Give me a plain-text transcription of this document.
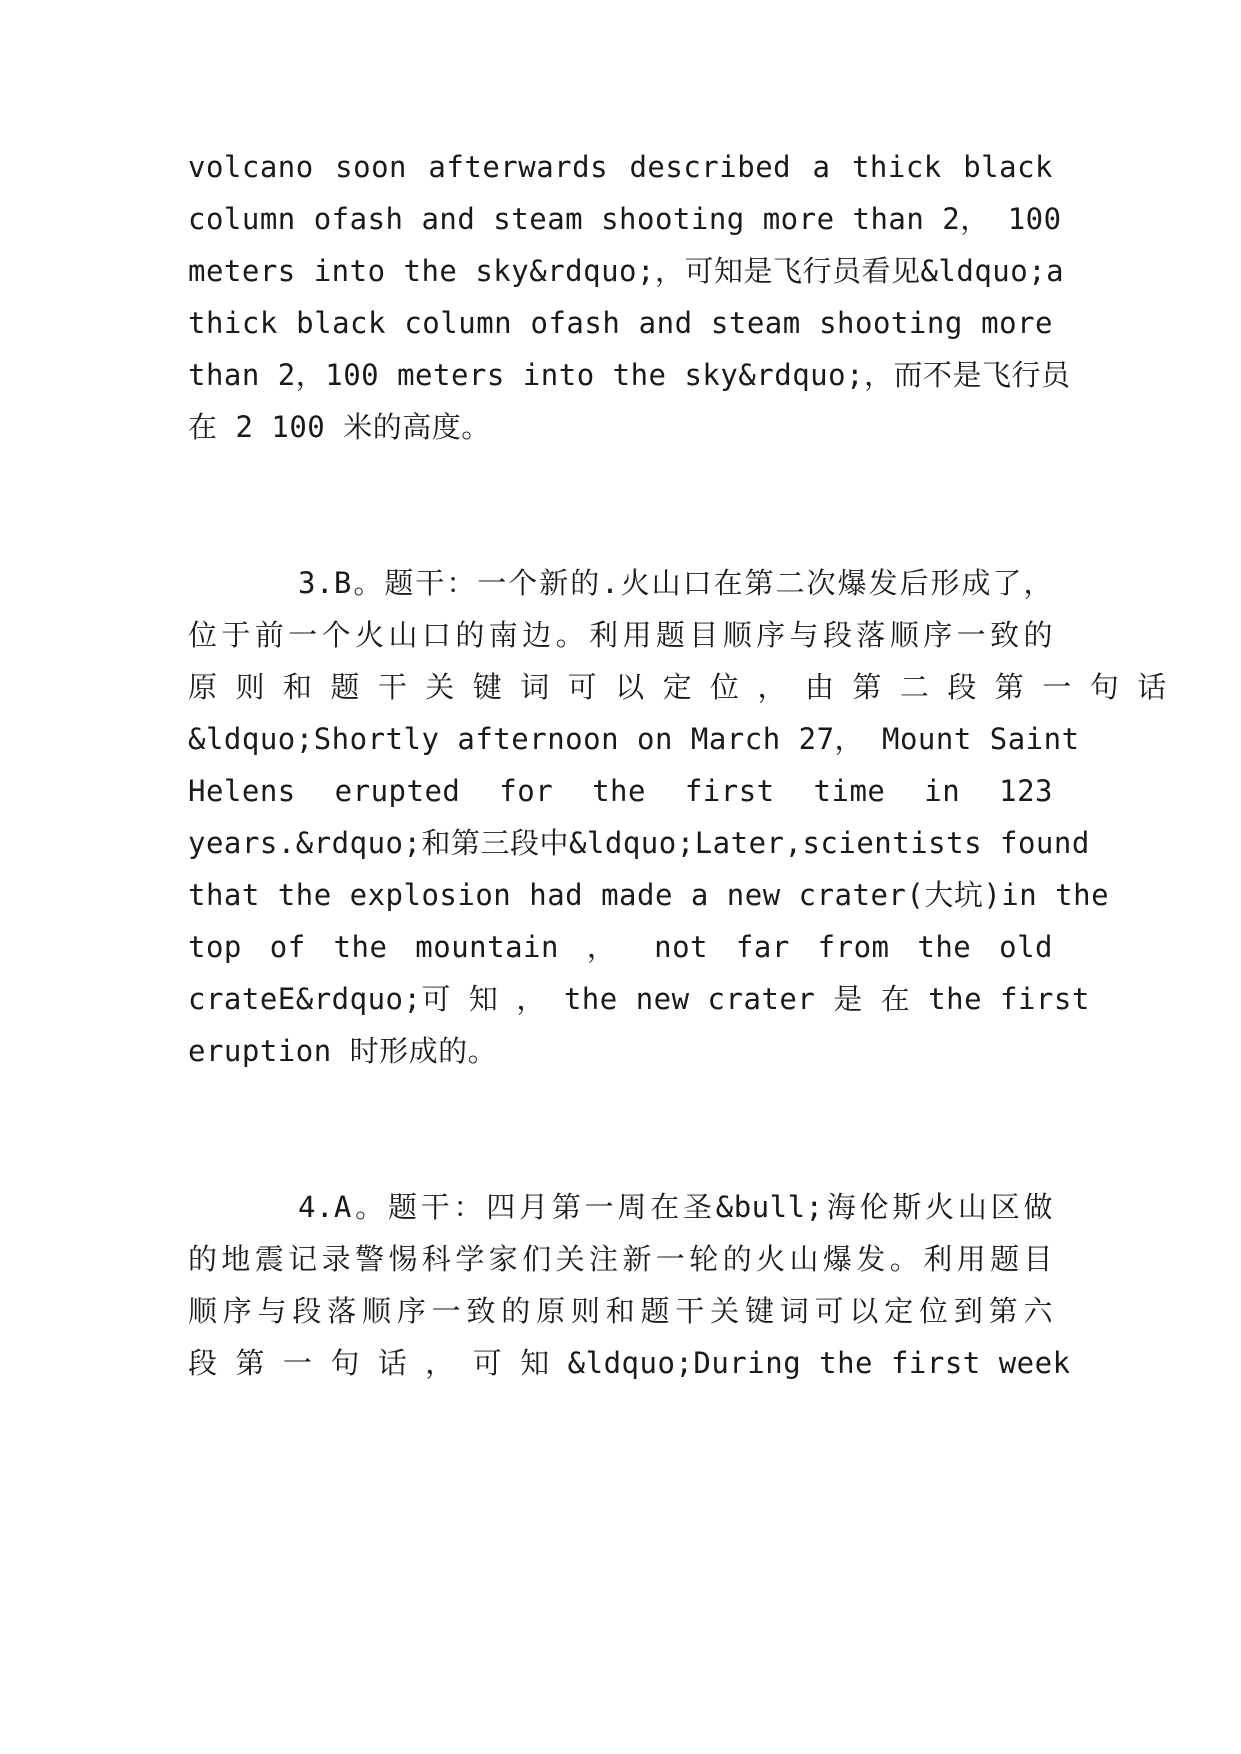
volcano soon afterwards described a thick black
column ofash and steam shooting more than 2， 100
meters into the sky&rdquo;，可知是飞行员看见&ldquo;a
thick black column ofash and steam shooting more
than 2，100 meters into the sky&rdquo;，而不是飞行员
在 2 100 米的高度。
3.B。题干：一个新的.火山口在第二次爆发后形成了，
位于前一个火山口的南边。利用题目顺序与段落顺序一致的
原 则 和 题 干 关 键 词 可 以 定 位 ， 由 第 二 段 第 一 句 话
&ldquo;Shortly afternoon on March 27， Mount Saint
Helens erupted for the first time in 123
years.&rdquo;和第三段中&ldquo;Later,scientists found
that the explosion had made a new crater(大坑)in the
top of the mountain ， not far from the old
crateE&rdquo;可 知 ， the new crater 是 在 the first
eruption 时形成的。
4.A。题干：四月第一周在圣&bull;海伦斯火山区做
的地震记录警惕科学家们关注新一轮的火山爆发。利用题目
顺序与段落顺序一致的原则和题干关键词可以定位到第六
段 第 一 句 话 ， 可 知 &ldquo;During the first week
